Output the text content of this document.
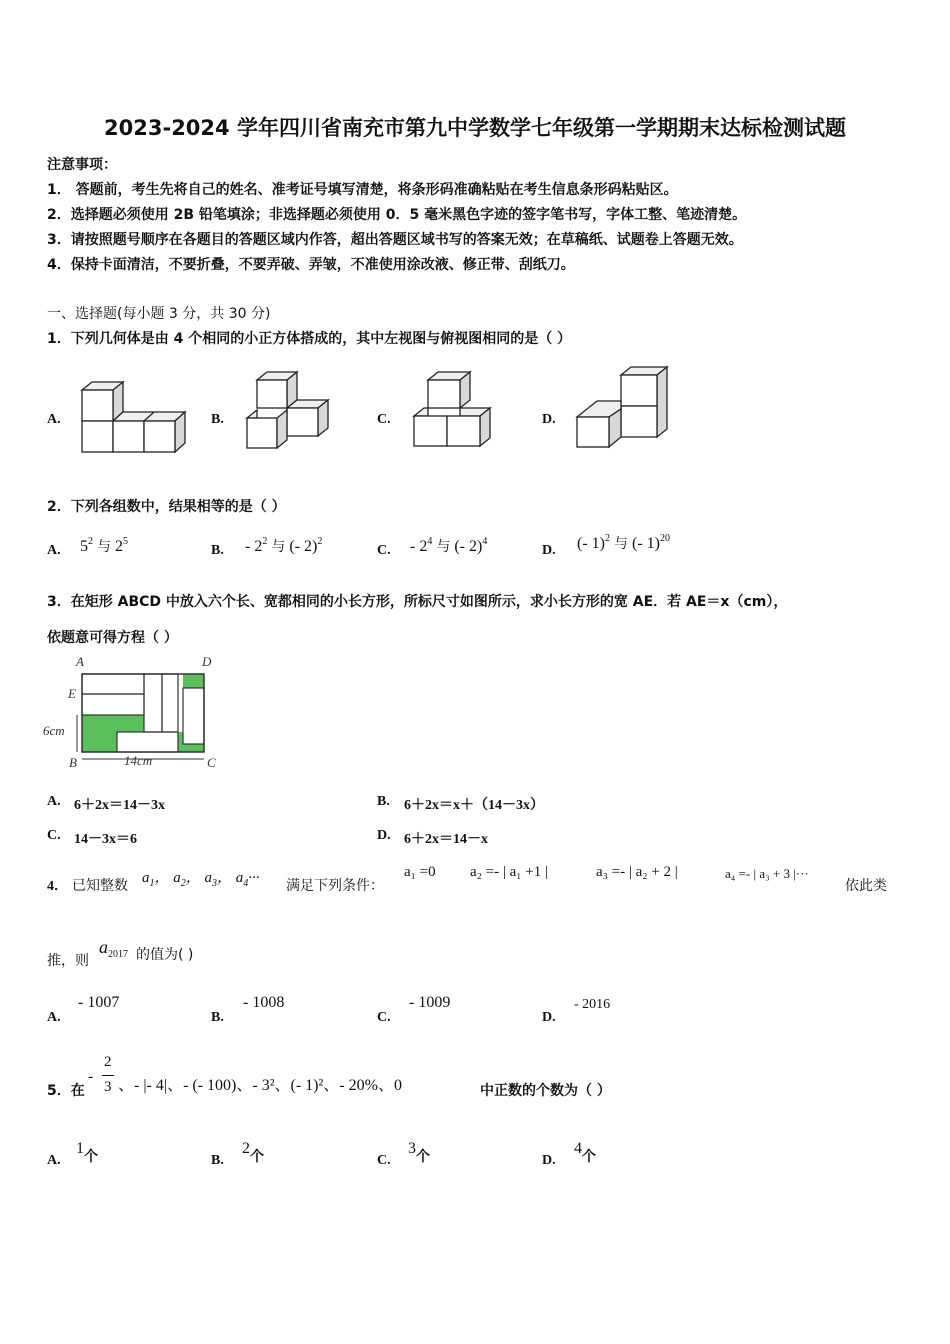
2023-2024 学年四川省南充市第九中学数学七年级第一学期期末达标检测试题
注意事项：
1． 答题前，考生先将自己的姓名、准考证号填写清楚，将条形码准确粘贴在考生信息条形码粘贴区。
2．选择题必须使用 2B 铅笔填涂；非选择题必须使用 0．5 毫米黑色字迹的签字笔书写，字体工整、笔迹清楚。
3．请按照题号顺序在各题目的答题区域内作答，超出答题区域书写的答案无效；在草稿纸、试题卷上答题无效。
4．保持卡面清洁，不要折叠，不要弄破、弄皱，不准使用涂改液、修正带、刮纸刀。
一、选择题(每小题 3 分，共 30 分)
1．下列几何体是由 4 个相同的小正方体搭成的，其中左视图与俯视图相同的是（ ）
A.	B.	C.	D.
2．下列各组数中，结果相等的是（ ）
A. $5^2$ 与 $2^5$
B. - $2^2$ 与 (- 2)$^2$
C. - $2^4$ 与 (- 2)$^4$
D. (- 1)$^2$ 与 (- 1)$^{20}$
3．在矩形 ABCD 中放入六个长、宽都相同的小长方形，所标尺寸如图所示，求小长方形的宽 AE．若 AE＝x（cm），
依题意可得方程（ ）
A	D
E
6cm
B	C
14cm
A. 6＋2x＝14－3x	B. 6＋2x＝x＋（14－3x）
C. 14－3x＝6	D. 6＋2x＝14－x
4． 已知整数 $a_1$， $a_2$， $a_3$， $a_4\cdot\cdot\cdot$ 满足下列条件：
a₁ =0 a₂ =- | a₁ +1 |	a₃ =- | a₂ + 2 |	a₄ =- | a₃ + 3 |···
依此类
推，则
$a_{2017}$ 的值为( )
A.
- 1007
B.
- 1008
C.
- 1009
D.
- 2016
5．在
-
2
3 、- |- 4|、- (- 100)、- 3²、(- 1)²、- 20%、0	中正数的个数为（ ）
A.
1个	B.
2个	C.
3个	D.
4个
